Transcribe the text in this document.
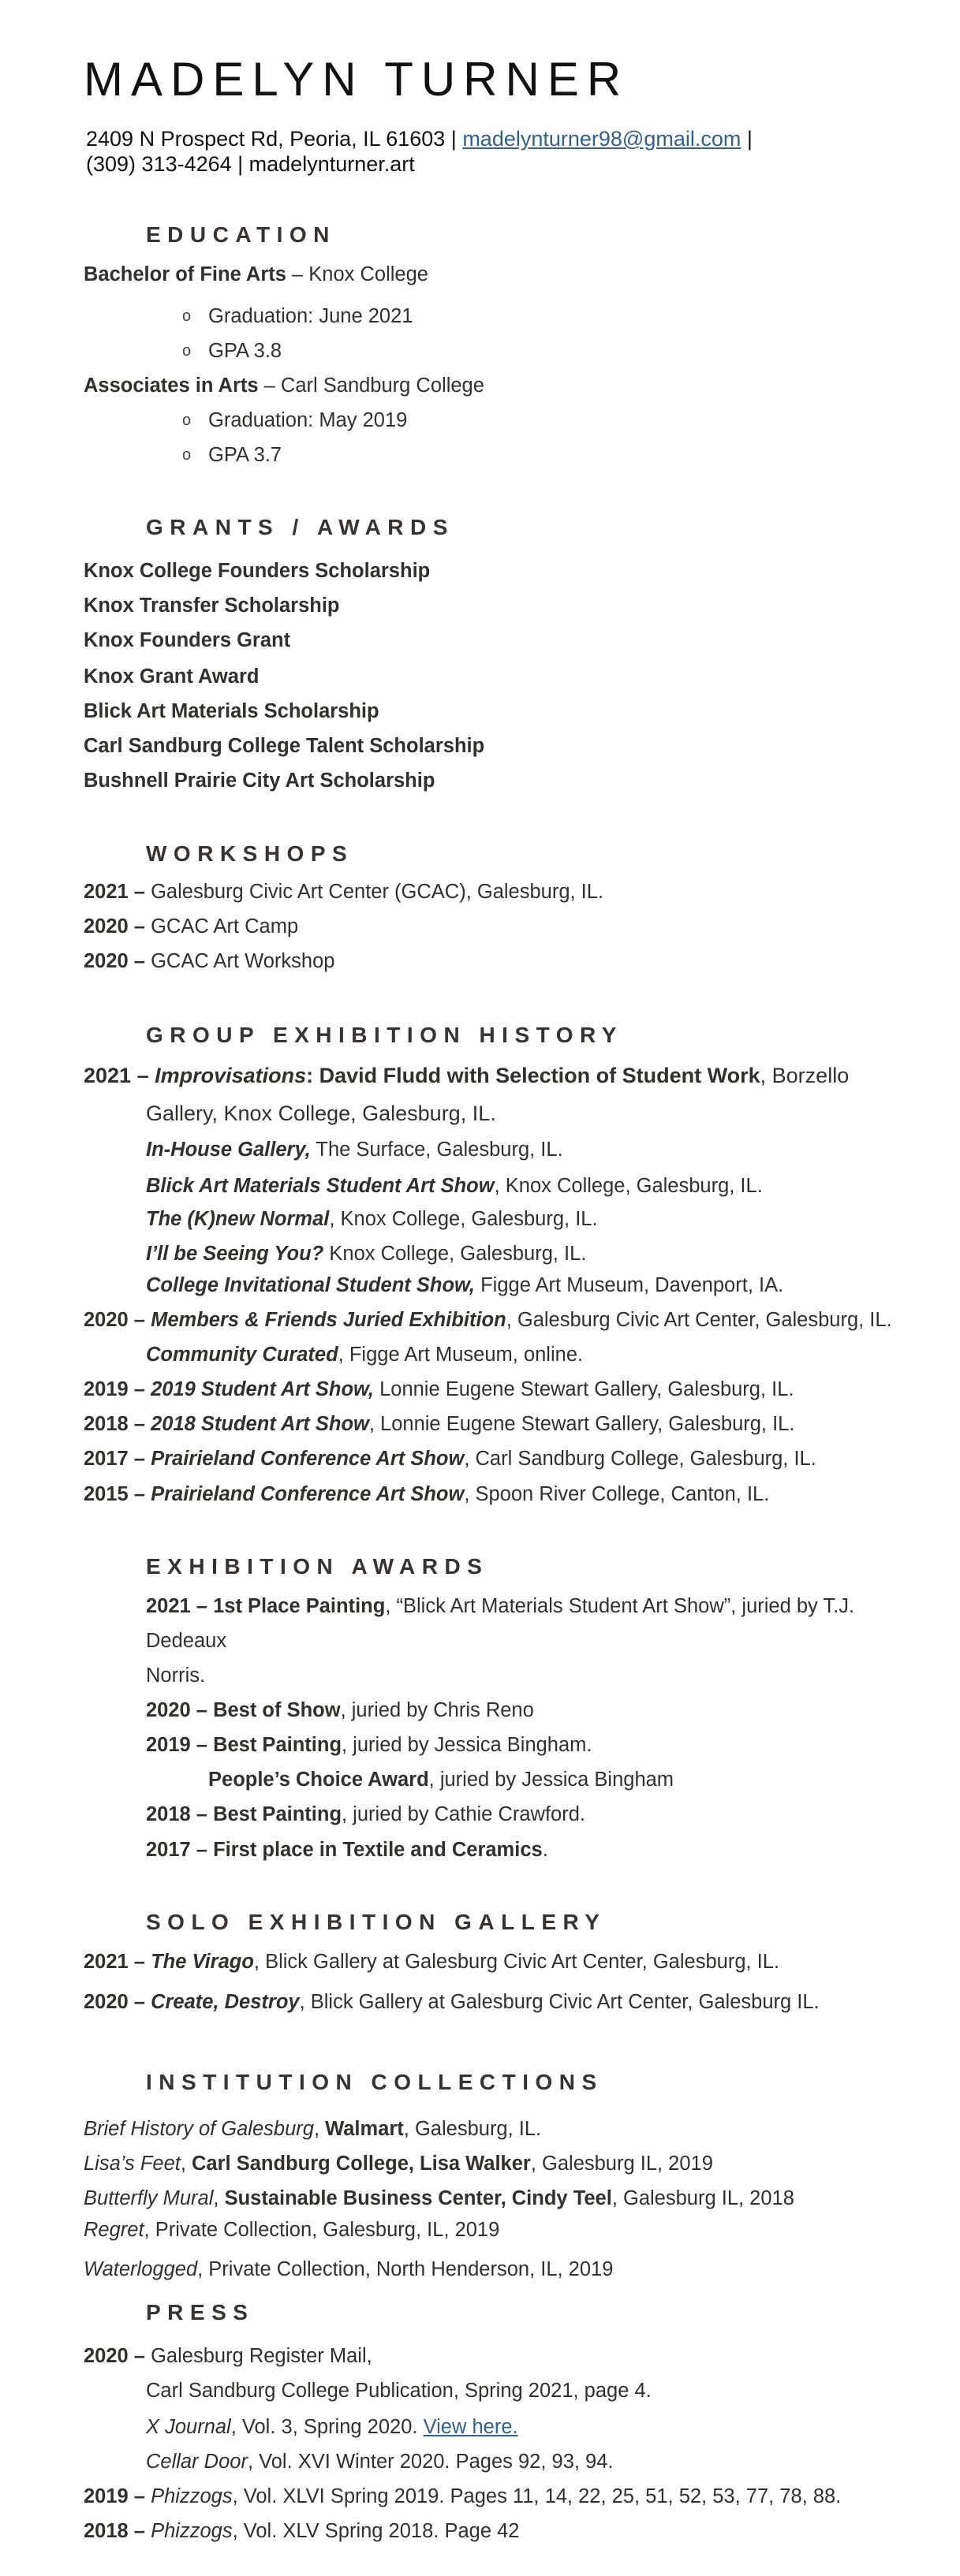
MADELYN TURNER
2409 N Prospect Rd, Peoria, IL 61603 | madelynturner98@gmail.com |
(309) 313-4264 | madelynturner.art
EDUCATION
Bachelor of Fine Arts – Knox College
o Graduation: June 2021
o GPA 3.8
Associates in Arts – Carl Sandburg College
o Graduation: May 2019
o GPA 3.7
GRANTS / AWARDS
Knox College Founders Scholarship
Knox Transfer Scholarship
Knox Founders Grant
Knox Grant Award
Blick Art Materials Scholarship
Carl Sandburg College Talent Scholarship
Bushnell Prairie City Art Scholarship
WORKSHOPS
2021 – Galesburg Civic Art Center (GCAC), Galesburg, IL.
2020 – GCAC Art Camp
2020 – GCAC Art Workshop
GROUP EXHIBITION HISTORY
2021 – Improvisations: David Fludd with Selection of Student Work, Borzello
Gallery, Knox College, Galesburg, IL.
In-House Gallery, The Surface, Galesburg, IL.
Blick Art Materials Student Art Show, Knox College, Galesburg, IL.
The (K)new Normal, Knox College, Galesburg, IL.
I’ll be Seeing You? Knox College, Galesburg, IL.
College Invitational Student Show, Figge Art Museum, Davenport, IA.
2020 – Members & Friends Juried Exhibition, Galesburg Civic Art Center, Galesburg, IL.
Community Curated, Figge Art Museum, online.
2019 – 2019 Student Art Show, Lonnie Eugene Stewart Gallery, Galesburg, IL.
2018 – 2018 Student Art Show, Lonnie Eugene Stewart Gallery, Galesburg, IL.
2017 – Prairieland Conference Art Show, Carl Sandburg College, Galesburg, IL.
2015 – Prairieland Conference Art Show, Spoon River College, Canton, IL.
EXHIBITION AWARDS
2021 – 1st Place Painting, “Blick Art Materials Student Art Show”, juried by T.J.
Dedeaux
Norris.
2020 – Best of Show, juried by Chris Reno
2019 – Best Painting, juried by Jessica Bingham.
People’s Choice Award, juried by Jessica Bingham
2018 – Best Painting, juried by Cathie Crawford.
2017 – First place in Textile and Ceramics.
SOLO EXHIBITION GALLERY
2021 – The Virago, Blick Gallery at Galesburg Civic Art Center, Galesburg, IL.
2020 – Create, Destroy, Blick Gallery at Galesburg Civic Art Center, Galesburg IL.
INSTITUTION COLLECTIONS
Brief History of Galesburg, Walmart, Galesburg, IL.
Lisa’s Feet, Carl Sandburg College, Lisa Walker, Galesburg IL, 2019
Butterfly Mural, Sustainable Business Center, Cindy Teel, Galesburg IL, 2018
Regret, Private Collection, Galesburg, IL, 2019
Waterlogged, Private Collection, North Henderson, IL, 2019
PRESS
2020 – Galesburg Register Mail,
Carl Sandburg College Publication, Spring 2021, page 4.
X Journal, Vol. 3, Spring 2020. View here.
Cellar Door, Vol. XVI Winter 2020. Pages 92, 93, 94.
2019 – Phizzogs, Vol. XLVI Spring 2019. Pages 11, 14, 22, 25, 51, 52, 53, 77, 78, 88.
2018 – Phizzogs, Vol. XLV Spring 2018. Page 42
